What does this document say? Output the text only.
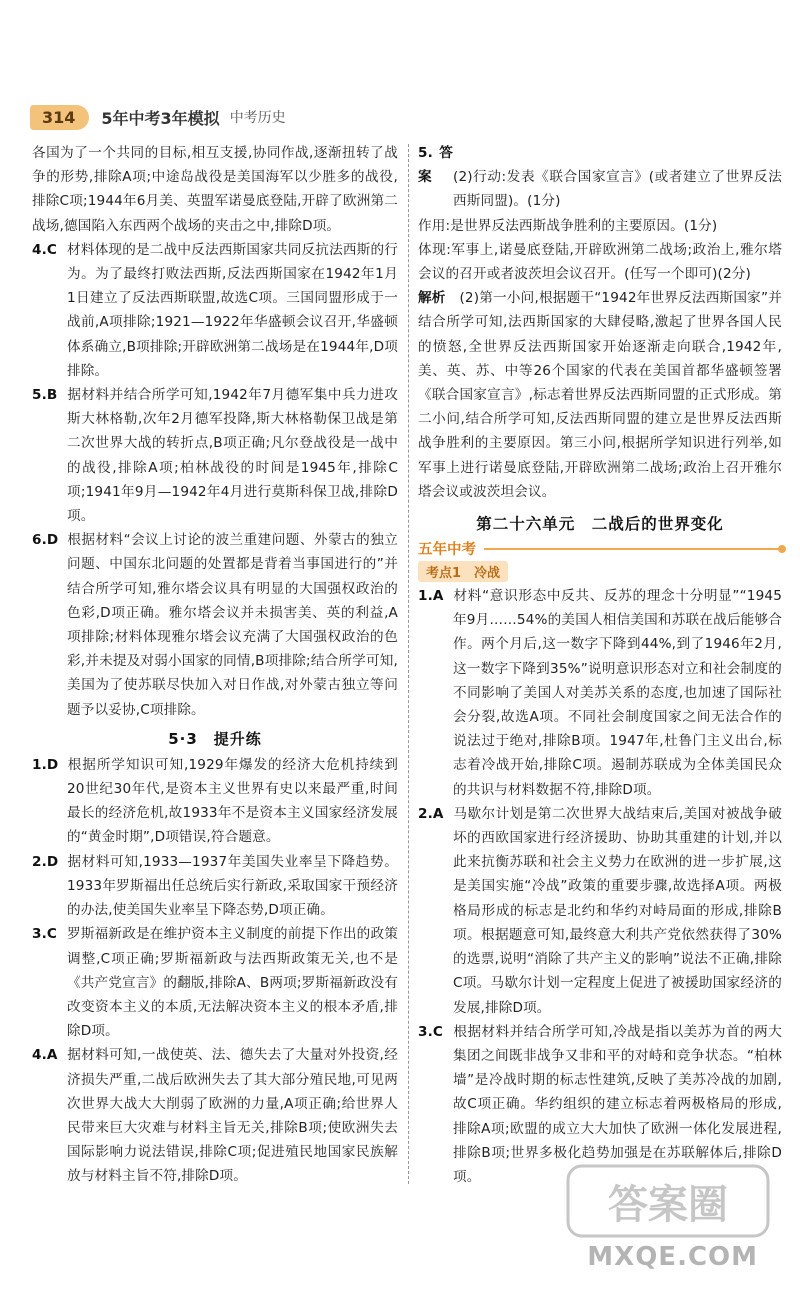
314	5年中考3年模拟 中考历史

各国为了一个共同的目标,相互支援,协同作战,逐渐扭转了战争的形势,排除A项;中途岛战役是美国海军以少胜多的战役,排除C项;1944年6月美、英盟军诺曼底登陆,开辟了欧洲第二战场,德国陷入东西两个战场的夹击之中,排除D项。

4.C 材料体现的是二战中反法西斯国家共同反抗法西斯的行为。为了最终打败法西斯,反法西斯国家在1942年1月1日建立了反法西斯联盟,故选C项。三国同盟形成于一战前,A项排除;1921—1922年华盛顿会议召开,华盛顿体系确立,B项排除;开辟欧洲第二战场是在1944年,D项排除。

5.B 据材料并结合所学可知,1942年7月德军集中兵力进攻斯大林格勒,次年2月德军投降,斯大林格勒保卫战是第二次世界大战的转折点,B项正确;凡尔登战役是一战中的战役,排除A项;柏林战役的时间是1945年,排除C项;1941年9月—1942年4月进行莫斯科保卫战,排除D项。

6.D 根据材料“会议上讨论的波兰重建问题、外蒙古的独立问题、中国东北问题的处置都是背着当事国进行的”并结合所学可知,雅尔塔会议具有明显的大国强权政治的色彩,D项正确。雅尔塔会议并未损害美、英的利益,A项排除;材料体现雅尔塔会议充满了大国强权政治的色彩,并未提及对弱小国家的同情,B项排除;结合所学可知,美国为了使苏联尽快加入对日作战,对外蒙古独立等问题予以妥协,C项排除。

5·3　提升练

1.D 根据所学知识可知,1929年爆发的经济大危机持续到20世纪30年代,是资本主义世界有史以来最严重,时间最长的经济危机,故1933年不是资本主义国家经济发展的“黄金时期”,D项错误,符合题意。

2.D 据材料可知,1933—1937年美国失业率呈下降趋势。1933年罗斯福出任总统后实行新政,采取国家干预经济的办法,使美国失业率呈下降态势,D项正确。

3.C 罗斯福新政是在维护资本主义制度的前提下作出的政策调整,C项正确;罗斯福新政与法西斯政策无关,也不是《共产党宣言》的翻版,排除A、B两项;罗斯福新政没有改变资本主义的本质,无法解决资本主义的根本矛盾,排除D项。

4.A 据材料可知,一战使英、法、德失去了大量对外投资,经济损失严重,二战后欧洲失去了其大部分殖民地,可见两次世界大战大大削弱了欧洲的力量,A项正确;给世界人民带来巨大灾难与材料主旨无关,排除B项;使欧洲失去国际影响力说法错误,排除C项;促进殖民地国家民族解放与材料主旨不符,排除D项。

5.答案 (2)行动:发表《联合国家宣言》(或者建立了世界反法西斯同盟)。(1分)

作用:是世界反法西斯战争胜利的主要原因。(1分)

体现:军事上,诺曼底登陆,开辟欧洲第二战场;政治上,雅尔塔会议的召开或者波茨坦会议召开。(任写一个即可)(2分)

解析　 (2)第一小问,根据题干“1942年世界反法西斯国家”并结合所学可知,法西斯国家的大肆侵略,激起了世界各国人民的愤怒,全世界反法西斯国家开始逐渐走向联合,1942年,美、英、苏、中等26个国家的代表在美国首都华盛顿签署《联合国家宣言》,标志着世界反法西斯同盟的正式形成。第二小问,结合所学可知,反法西斯同盟的建立是世界反法西斯战争胜利的主要原因。第三小问,根据所学知识进行列举,如军事上进行诺曼底登陆,开辟欧洲第二战场;政治上召开雅尔塔会议或波茨坦会议。

第二十六单元　二战后的世界变化
五年中考
考点1　冷战

1.A 材料“意识形态中反共、反苏的理念十分明显”“1945年9月……54%的美国人相信美国和苏联在战后能够合作。两个月后,这一数字下降到44%,到了1946年2月,这一数字下降到35%”说明意识形态对立和社会制度的不同影响了美国人对美苏关系的态度,也加速了国际社会分裂,故选A项。不同社会制度国家之间无法合作的说法过于绝对,排除B项。1947年,杜鲁门主义出台,标志着冷战开始,排除C项。遏制苏联成为全体美国民众的共识与材料数据不符,排除D项。

2.A 马歇尔计划是第二次世界大战结束后,美国对被战争破坏的西欧国家进行经济援助、协助其重建的计划,并以此来抗衡苏联和社会主义势力在欧洲的进一步扩展,这是美国实施“冷战”政策的重要步骤,故选择A项。两极格局形成的标志是北约和华约对峙局面的形成,排除B项。根据题意可知,最终意大利共产党依然获得了30%的选票,说明“消除了共产主义的影响”说法不正确,排除C项。马歇尔计划一定程度上促进了被援助国家经济的发展,排除D项。

3.C 根据材料并结合所学可知,冷战是指以美苏为首的两大集团之间既非战争又非和平的对峙和竞争状态。“柏林墙”是冷战时期的标志性建筑,反映了美苏冷战的加剧,故C项正确。华约组织的建立标志着两极格局的形成,排除A项;欧盟的成立大大加快了欧洲一体化发展进程,排除B项;世界多极化趋势加强是在苏联解体后,排除D项。

答案圈
MXQE.COM
